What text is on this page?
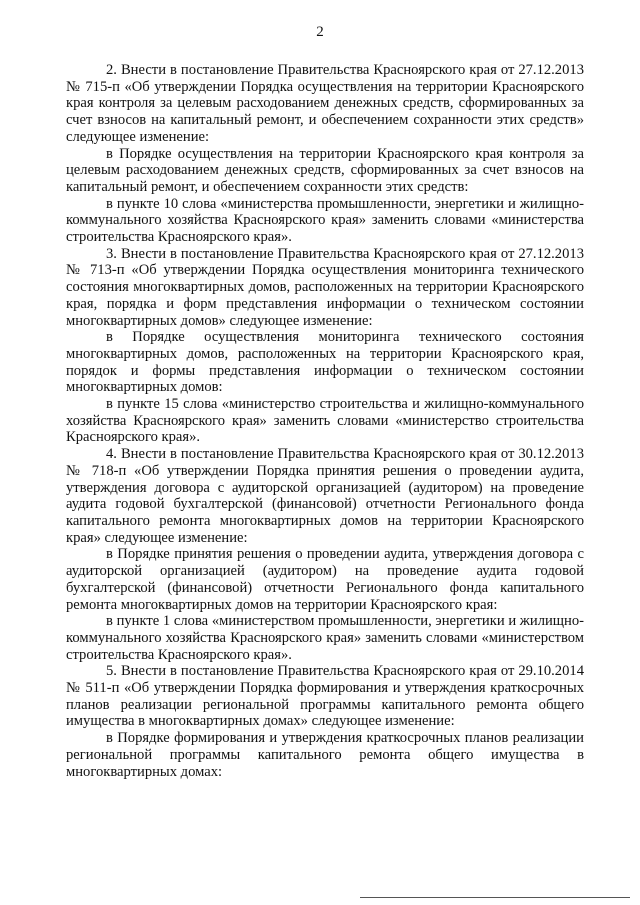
2

2. Внести в постановление Правительства Красноярского края от 27.12.2013 № 715-п «Об утверждении Порядка осуществления на территории Красноярского края контроля за целевым расходованием денежных средств, сформированных за счет взносов на капитальный ремонт, и обеспечением сохранности этих средств» следующее изменение:

в Порядке осуществления на территории Красноярского края контроля за целевым расходованием денежных средств, сформированных за счет взносов на капитальный ремонт, и обеспечением сохранности этих средств:

в пункте 10 слова «министерства промышленности, энергетики и жилищно-коммунального хозяйства Красноярского края» заменить словами «министерства строительства Красноярского края».

3. Внести в постановление Правительства Красноярского края от 27.12.2013 № 713-п «Об утверждении Порядка осуществления мониторинга технического состояния многоквартирных домов, расположенных на территории Красноярского края, порядка и форм представления информации о техническом состоянии многоквартирных домов» следующее изменение:

в Порядке осуществления мониторинга технического состояния многоквартирных домов, расположенных на территории Красноярского края, порядок и формы представления информации о техническом состоянии многоквартирных домов:

в пункте 15 слова «министерство строительства и жилищно-коммунального хозяйства Красноярского края» заменить словами «министерство строительства Красноярского края».

4. Внести в постановление Правительства Красноярского края от 30.12.2013 № 718-п «Об утверждении Порядка принятия решения о проведении аудита, утверждения договора с аудиторской организацией (аудитором) на проведение аудита годовой бухгалтерской (финансовой) отчетности Регионального фонда капитального ремонта многоквартирных домов на территории Красноярского края» следующее изменение:

в Порядке принятия решения о проведении аудита, утверждения договора с аудиторской организацией (аудитором) на проведение аудита годовой бухгалтерской (финансовой) отчетности Регионального фонда капитального ремонта многоквартирных домов на территории Красноярского края:

в пункте 1 слова «министерством промышленности, энергетики и жилищно-коммунального хозяйства Красноярского края» заменить словами «министерством строительства Красноярского края».

5. Внести в постановление Правительства Красноярского края от 29.10.2014 № 511-п «Об утверждении Порядка формирования и утверждения краткосрочных планов реализации региональной программы капитального ремонта общего имущества в многоквартирных домах» следующее изменение:

в Порядке формирования и утверждения краткосрочных планов реализации региональной программы капитального ремонта общего имущества в многоквартирных домах:
